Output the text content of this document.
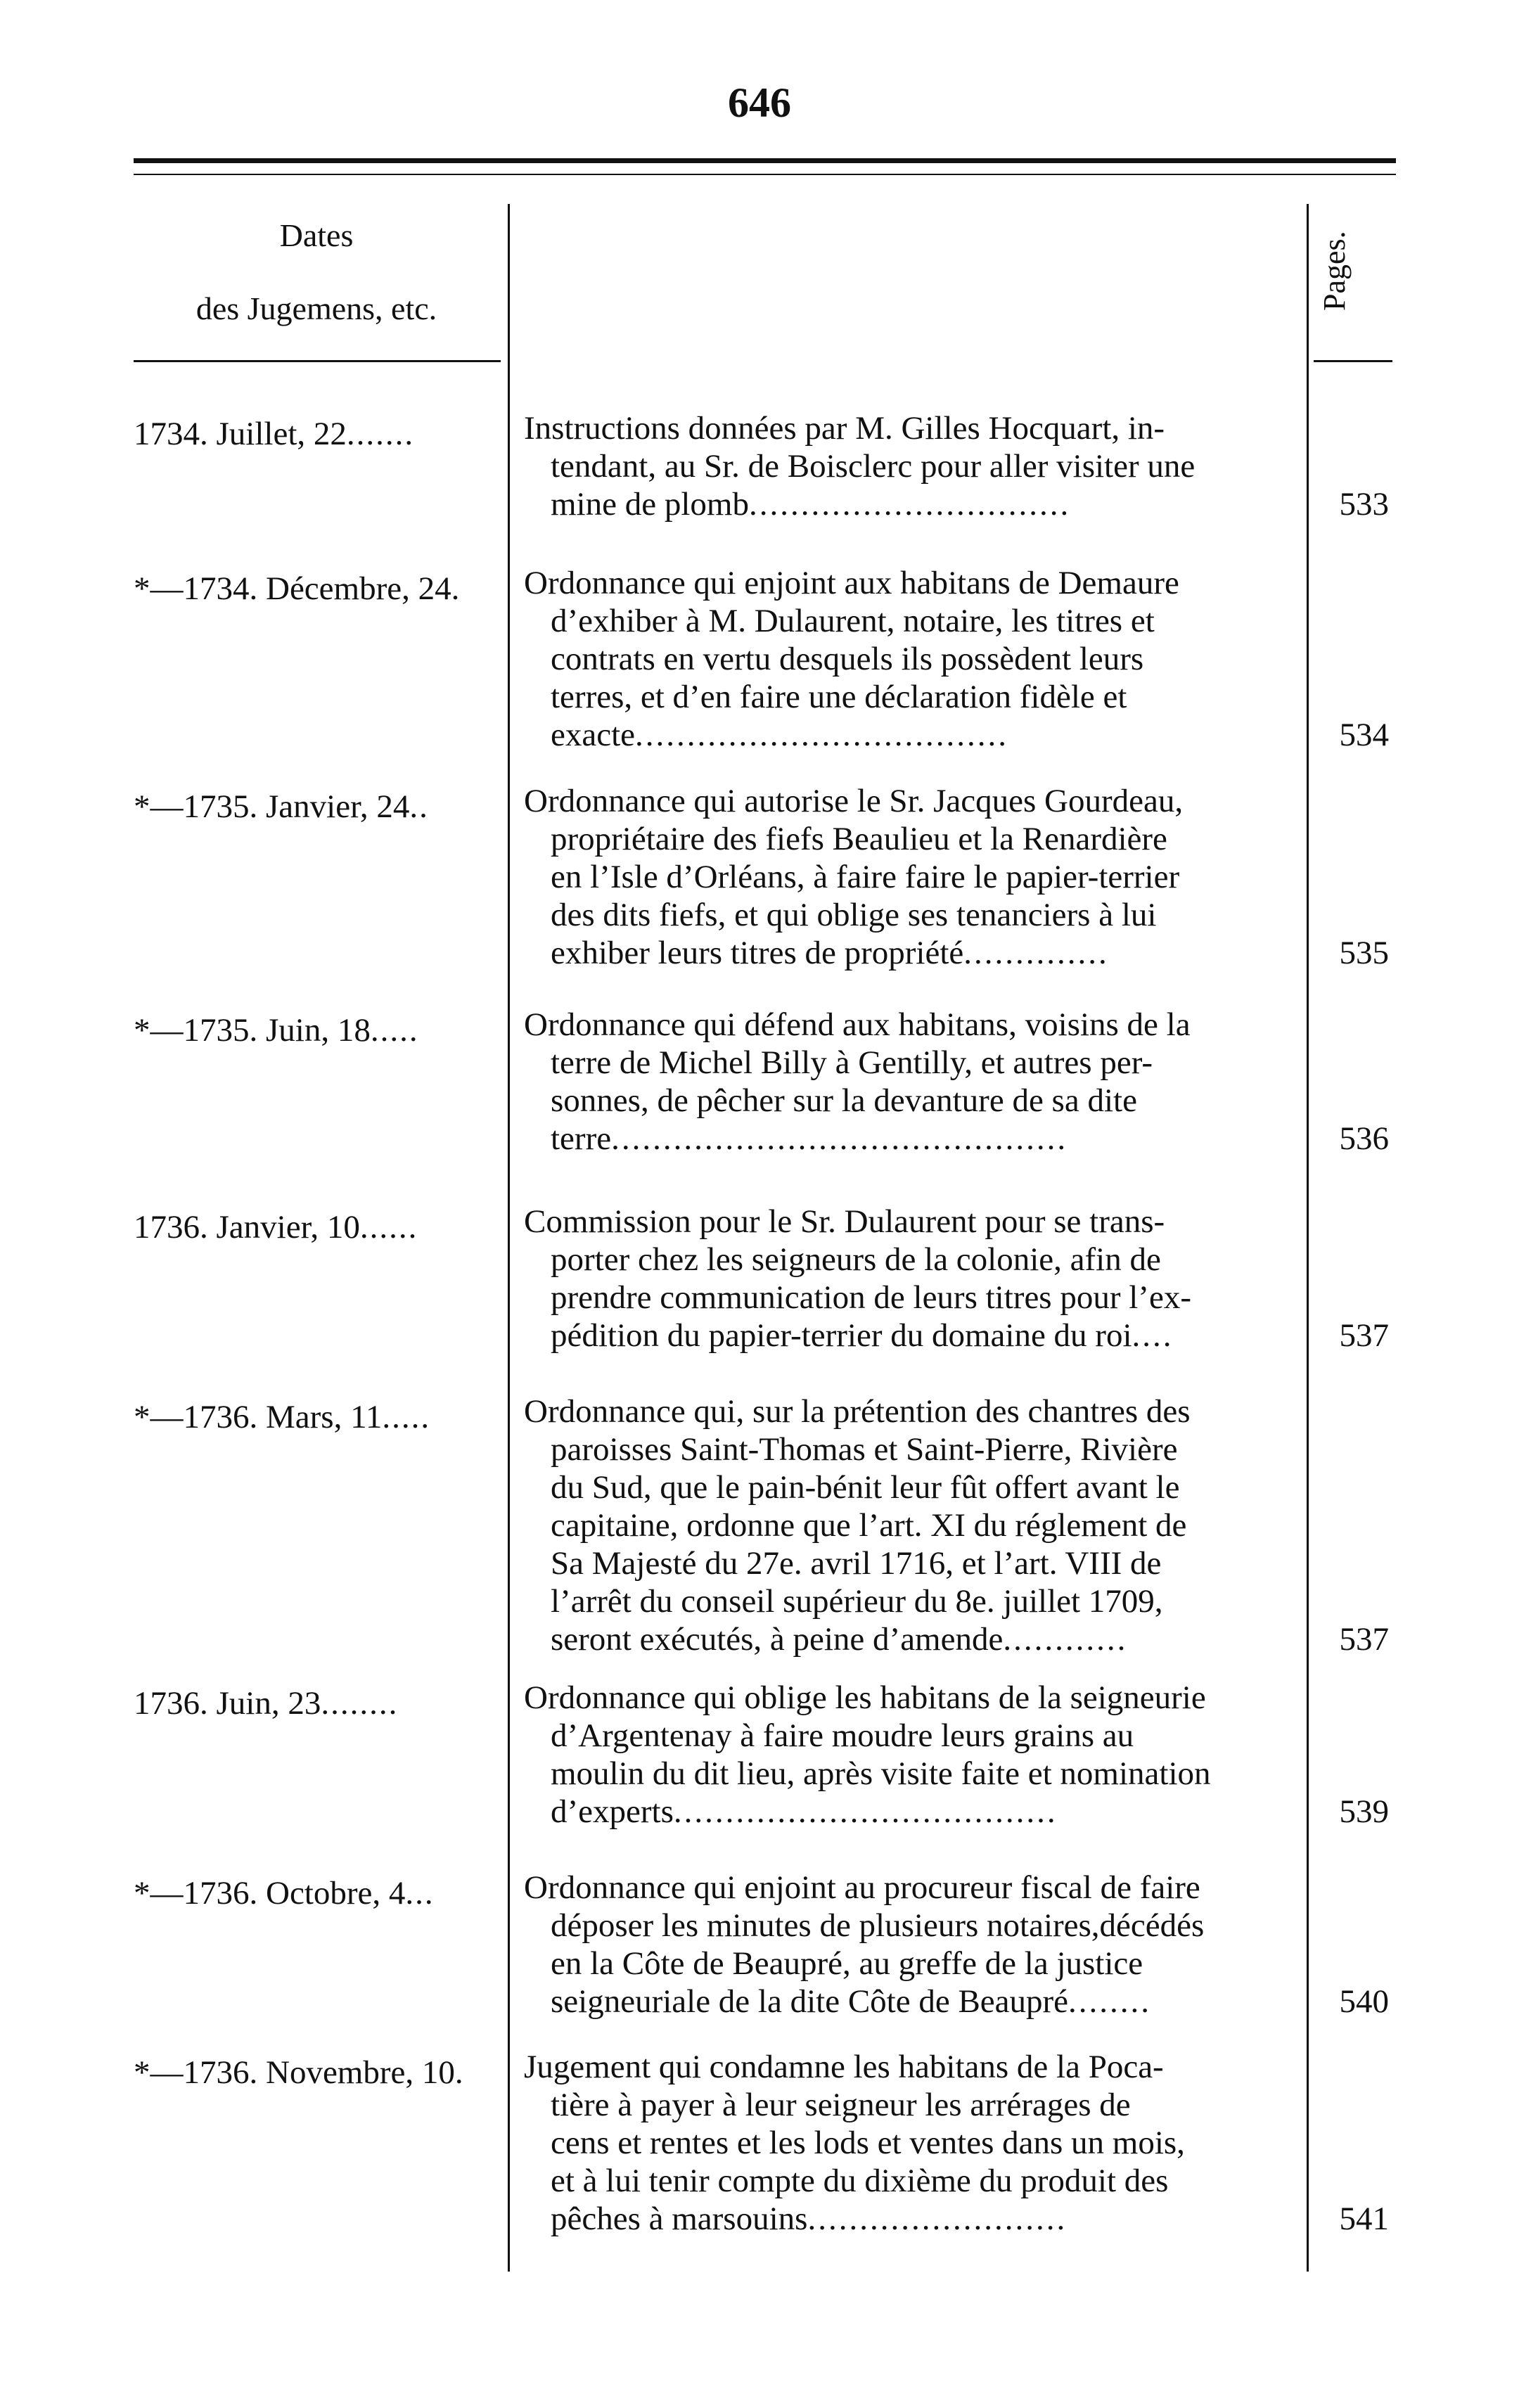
646
Dates
des Jugemens, etc.	Pages.
1734. Juillet, 22.......	Instructions données par M. Gilles Hocquart, in-
tendant, au Sr. de Boisclerc pour aller visiter une
mine de plomb...............................	533
*—1734. Décembre, 24.	Ordonnance qui enjoint aux habitans de Demaure
d’exhiber à M. Dulaurent, notaire, les titres et
contrats en vertu desquels ils possèdent leurs
terres, et d’en faire une déclaration fidèle et
exacte....................................	534
*—1735. Janvier, 24..	Ordonnance qui autorise le Sr. Jacques Gourdeau,
propriétaire des fiefs Beaulieu et la Renardière
en l’Isle d’Orléans, à faire faire le papier-terrier
des dits fiefs, et qui oblige ses tenanciers à lui
exhiber leurs titres de propriété..............	535
*—1735. Juin, 18.....	Ordonnance qui défend aux habitans, voisins de la
terre de Michel Billy à Gentilly, et autres per-
sonnes, de pêcher sur la devanture de sa dite
terre............................................	536
1736. Janvier, 10......	Commission pour le Sr. Dulaurent pour se trans-
porter chez les seigneurs de la colonie, afin de
prendre communication de leurs titres pour l’ex-
pédition du papier-terrier du domaine du roi....	537
*—1736. Mars, 11.....	Ordonnance qui, sur la prétention des chantres des
paroisses Saint-Thomas et Saint-Pierre, Rivière
du Sud, que le pain-bénit leur fût offert avant le
capitaine, ordonne que l’art. XI du réglement de
Sa Majesté du 27e. avril 1716, et l’art. VIII de
l’arrêt du conseil supérieur du 8e. juillet 1709,
seront exécutés, à peine d’amende............	537
1736. Juin, 23........	Ordonnance qui oblige les habitans de la seigneurie
d’Argentenay à faire moudre leurs grains au
moulin du dit lieu, après visite faite et nomination
d’experts.....................................	539
*—1736. Octobre, 4...	Ordonnance qui enjoint au procureur fiscal de faire
déposer les minutes de plusieurs notaires,décédés
en la Côte de Beaupré, au greffe de la justice
seigneuriale de la dite Côte de Beaupré........	540
*—1736. Novembre, 10.	Jugement qui condamne les habitans de la Poca-
tière à payer à leur seigneur les arrérages de
cens et rentes et les lods et ventes dans un mois,
et à lui tenir compte du dixième du produit des
pêches à marsouins.........................	541
